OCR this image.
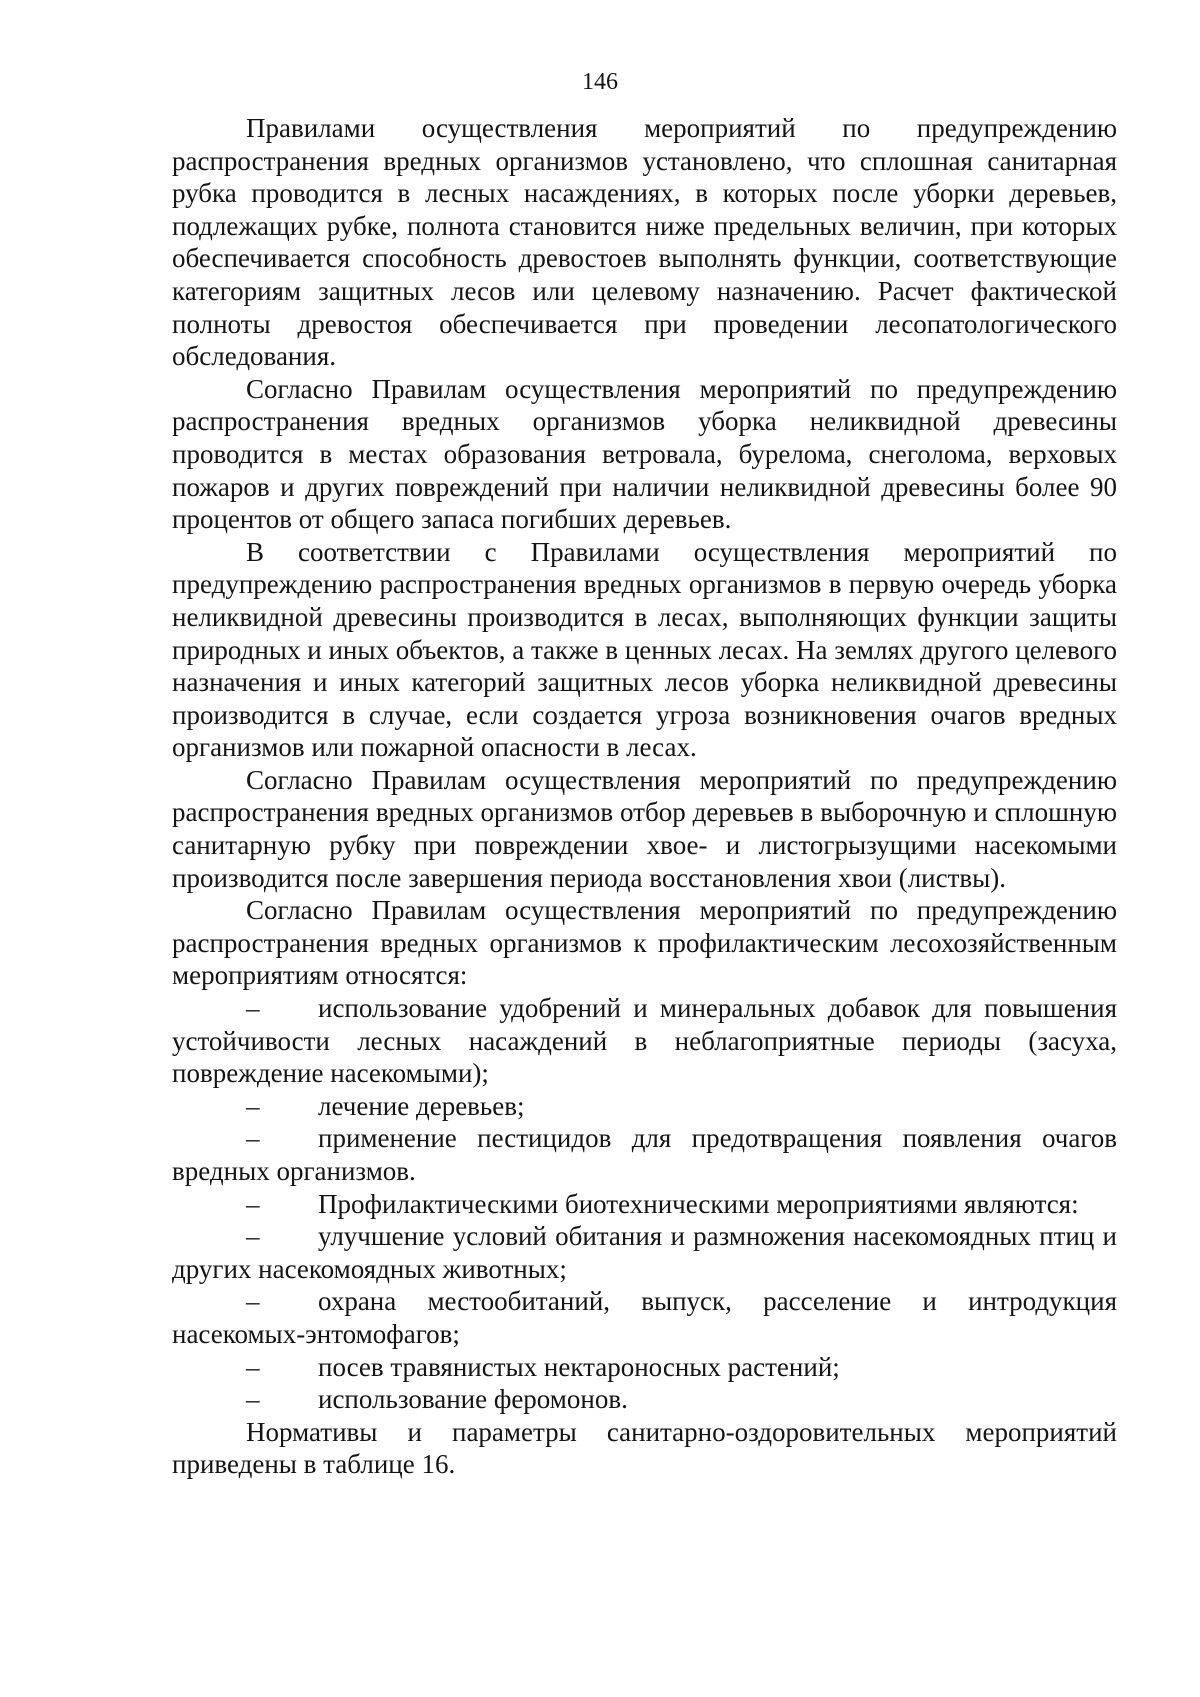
146

Правилами осуществления мероприятий по предупреждению распространения вредных организмов установлено, что сплошная санитарная рубка проводится в лесных насаждениях, в которых после уборки деревьев, подлежащих рубке, полнота становится ниже предельных величин, при которых обеспечивается способность древостоев выполнять функции, соответствующие категориям защитных лесов или целевому назначению. Расчет фактической полноты древостоя обеспечивается при проведении лесопатологического обследования.

Согласно Правилам осуществления мероприятий по предупреждению распространения вредных организмов уборка неликвидной древесины проводится в местах образования ветровала, бурелома, снеголома, верховых пожаров и других повреждений при наличии неликвидной древесины более 90 процентов от общего запаса погибших деревьев.

В соответствии с Правилами осуществления мероприятий по предупреждению распространения вредных организмов в первую очередь уборка неликвидной древесины производится в лесах, выполняющих функции защиты природных и иных объектов, а также в ценных лесах. На землях другого целевого назначения и иных категорий защитных лесов уборка неликвидной древесины производится в случае, если создается угроза возникновения очагов вредных организмов или пожарной опасности в лесах.

Согласно Правилам осуществления мероприятий по предупреждению распространения вредных организмов отбор деревьев в выборочную и сплошную санитарную рубку при повреждении хвое- и листогрызущими насекомыми производится после завершения периода восстановления хвои (листвы).

Согласно Правилам осуществления мероприятий по предупреждению распространения вредных организмов к профилактическим лесохозяйственным мероприятиям относятся:

– использование удобрений и минеральных добавок для повышения устойчивости лесных насаждений в неблагоприятные периоды (засуха, повреждение насекомыми);
– лечение деревьев;
– применение пестицидов для предотвращения появления очагов вредных организмов.
– Профилактическими биотехническими мероприятиями являются:
– улучшение условий обитания и размножения насекомоядных птиц и других насекомоядных животных;
– охрана местообитаний, выпуск, расселение и интродукция насекомых-энтомофагов;
– посев травянистых нектароносных растений;
– использование феромонов.

Нормативы и параметры санитарно-оздоровительных мероприятий приведены в таблице 16.
